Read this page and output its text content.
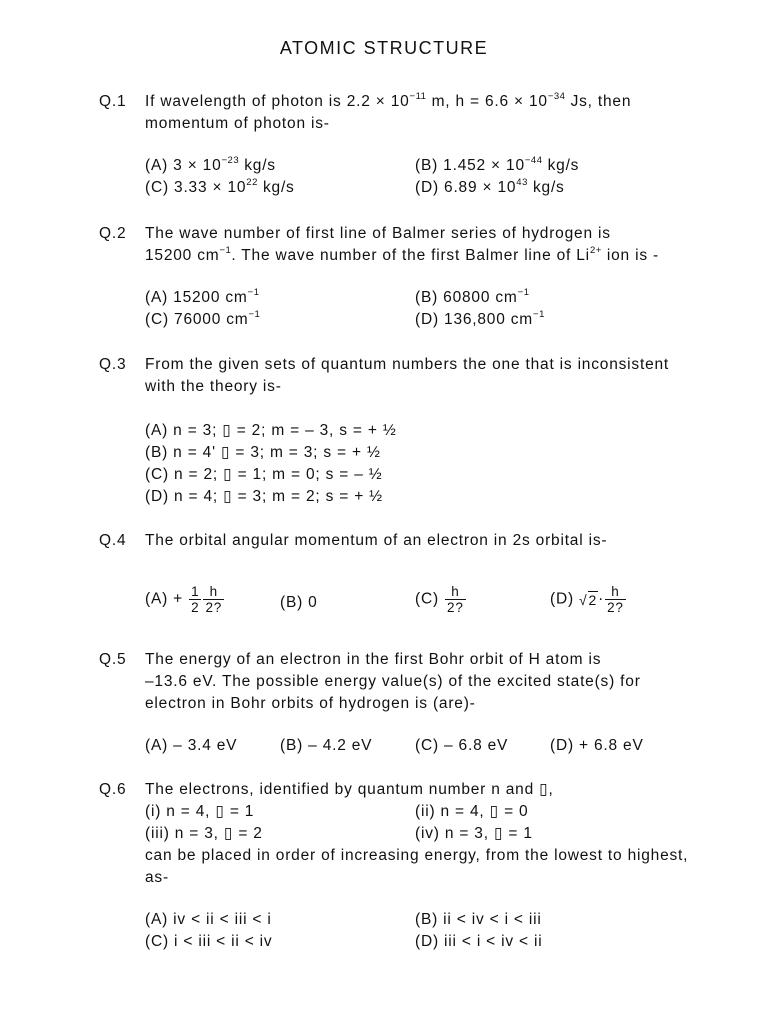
ATOMIC STRUCTURE
Q.1	If wavelength of photon is $2.2 \times 10^{-11}$ m, $h = 6.6 \times 10^{-34}$ Js, then
momentum of photon is-
(A) $3 \times 10^{-23}$ kg/s	(B) $1.452 \times 10^{-44}$ kg/s
(C) $3.33 \times 10^{22}$ kg/s	(D) $6.89 \times 10^{43}$ kg/s
Q.2	The wave number of first line of Balmer series of hydrogen is
15200 $cm^{-1}$. The wave number of the first Balmer line of $Li^{2+}$ ion is -
(A) 15200 $cm^{-1}$	(B) 60800 $cm^{-1}$
(C) 76000 $cm^{-1}$	(D) 136,800 $cm^{-1}$
Q.3	From the given sets of quantum numbers the one that is inconsistent
with the theory is-
(A) n = 3; ▯ = 2; m = – 3, s = + ½
(B) n = 4' ▯ = 3; m = 3; s = + ½
(C) n = 2; ▯ = 1; m = 0; s = – ½
(D) n = 4; ▯ = 3; m = 2; s = + ½
Q.4	The orbital angular momentum of an electron in 2s orbital is-
$(A) + \frac{1}{2} \frac{h}{2?}$	(B) 0	$(C) \frac{h}{2?}$	(D) $√2\cdot \frac{h}{2?}$
Q.5	The energy of an electron in the first Bohr orbit of H atom is
–13.6 eV. The possible energy value(s) of the excited state(s) for
electron in Bohr orbits of hydrogen is (are)-
(A) – 3.4 eV	(B) – 4.2 eV	(C) – 6.8 eV	(D) + 6.8 eV
Q.6	The electrons, identified by quantum number n and ▯,
(i) n = 4, ▯ = 1	(ii) n = 4, ▯ = 0
(iii) n = 3, ▯ = 2	(iv) n = 3, ▯ = 1
can be placed in order of increasing energy, from the lowest to highest,
as-
(A) iv < ii < iii < i	(B) ii < iv < i < iii
(C) i < iii < ii < iv	(D) iii < i < iv < ii
